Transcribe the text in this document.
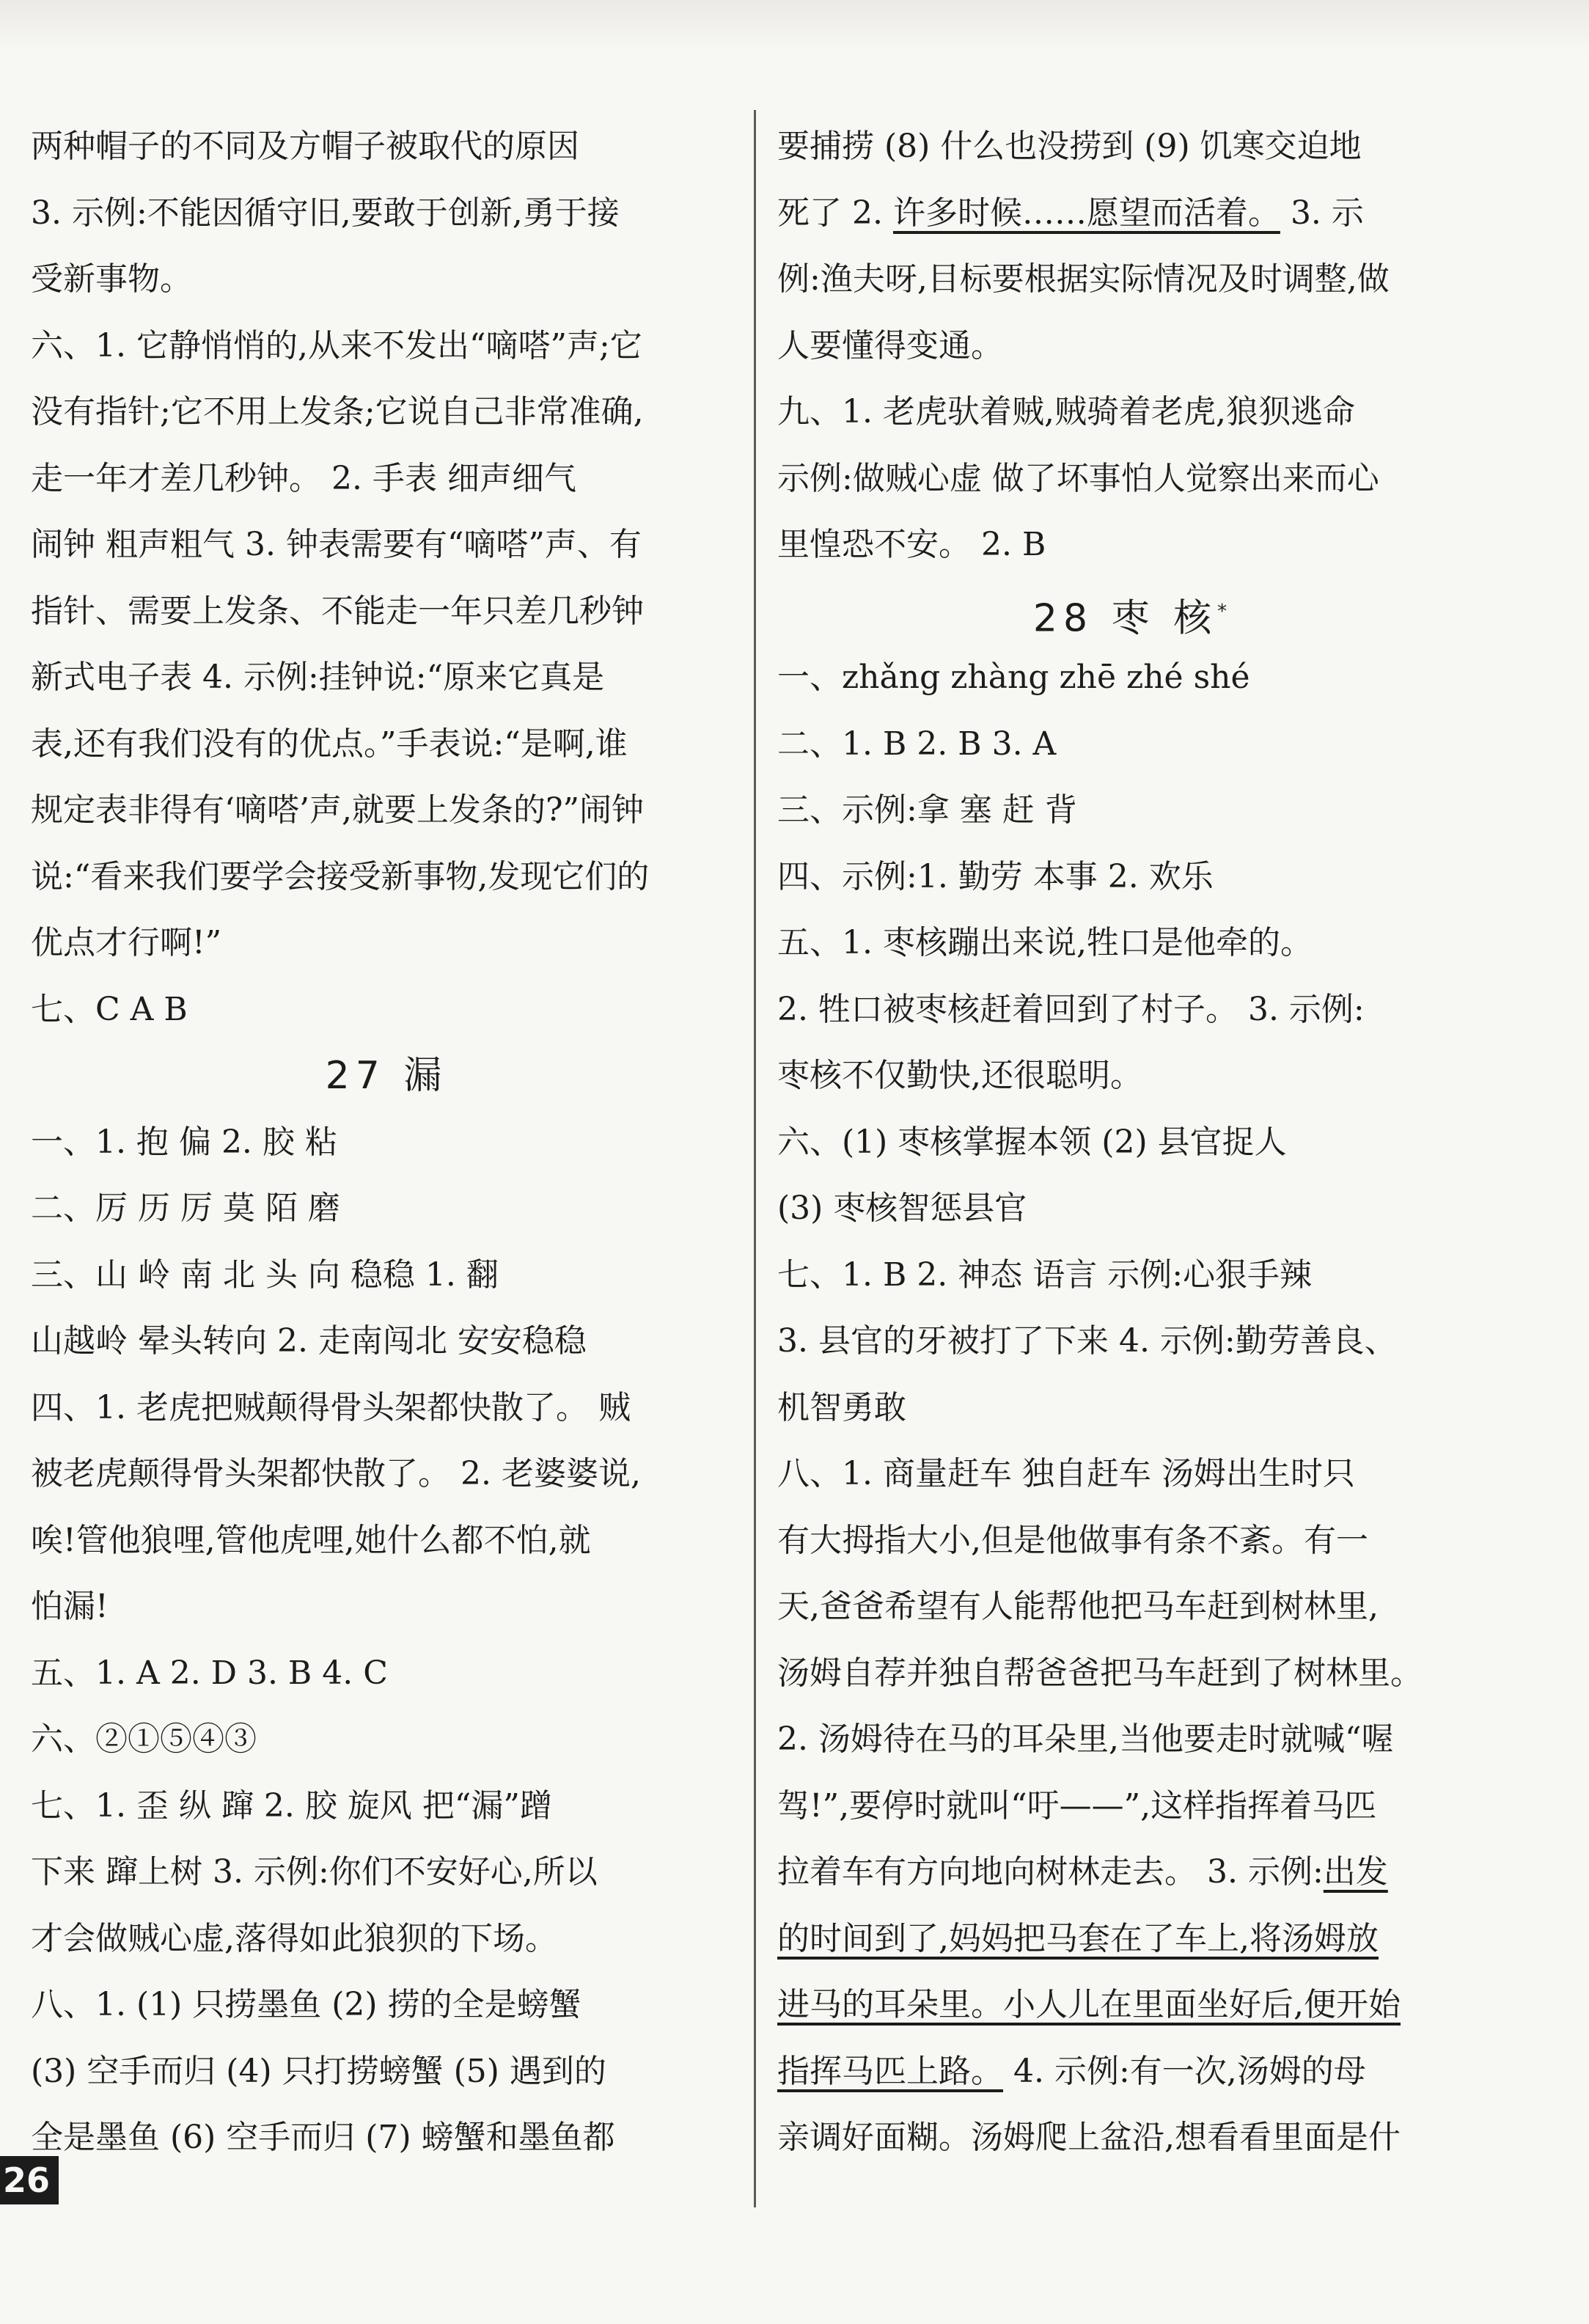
两种帽子的不同及方帽子被取代的原因
3. 示例:不能因循守旧,要敢于创新,勇于接
受新事物。
六、1. 它静悄悄的,从来不发出“嘀嗒”声;它
没有指针;它不用上发条;它说自己非常准确,
走一年才差几秒钟。 2. 手表 细声细气
闹钟 粗声粗气 3. 钟表需要有“嘀嗒”声、有
指针、需要上发条、不能走一年只差几秒钟
新式电子表 4. 示例:挂钟说:“原来它真是
表,还有我们没有的优点。”手表说:“是啊,谁
规定表非得有‘嘀嗒’声,就要上发条的?”闹钟
说:“看来我们要学会接受新事物,发现它们的
优点才行啊!”
七、C A B
27 漏
一、1. 抱 偏 2. 胶 粘
二、厉 历 厉 莫 陌 磨
三、山 岭 南 北 头 向 稳稳 1. 翻
山越岭 晕头转向 2. 走南闯北 安安稳稳
四、1. 老虎把贼颠得骨头架都快散了。 贼
被老虎颠得骨头架都快散了。 2. 老婆婆说,
唉!管他狼哩,管他虎哩,她什么都不怕,就
怕漏!
五、1. A 2. D 3. B 4. C
六、②①⑤④③
七、1. 歪 纵 蹿 2. 胶 旋风 把“漏”蹭
下来 蹿上树 3. 示例:你们不安好心,所以
才会做贼心虚,落得如此狼狈的下场。
八、1. (1) 只捞墨鱼 (2) 捞的全是螃蟹
(3) 空手而归 (4) 只打捞螃蟹 (5) 遇到的
全是墨鱼 (6) 空手而归 (7) 螃蟹和墨鱼都
要捕捞 (8) 什么也没捞到 (9) 饥寒交迫地
死了 2. 许多时候……愿望而活着。 3. 示
例:渔夫呀,目标要根据实际情况及时调整,做
人要懂得变通。
九、1. 老虎驮着贼,贼骑着老虎,狼狈逃命
示例:做贼心虚 做了坏事怕人觉察出来而心
里惶恐不安。 2. B
28 枣 核*
一、zhǎng zhàng zhē zhé shé
二、1. B 2. B 3. A
三、示例:拿 塞 赶 背
四、示例:1. 勤劳 本事 2. 欢乐
五、1. 枣核蹦出来说,牲口是他牵的。
2. 牲口被枣核赶着回到了村子。 3. 示例:
枣核不仅勤快,还很聪明。
六、(1) 枣核掌握本领 (2) 县官捉人
(3) 枣核智惩县官
七、1. B 2. 神态 语言 示例:心狠手辣
3. 县官的牙被打了下来 4. 示例:勤劳善良、
机智勇敢
八、1. 商量赶车 独自赶车 汤姆出生时只
有大拇指大小,但是他做事有条不紊。有一
天,爸爸希望有人能帮他把马车赶到树林里,
汤姆自荐并独自帮爸爸把马车赶到了树林里。
2. 汤姆待在马的耳朵里,当他要走时就喊“喔
驾!”,要停时就叫“吁——”,这样指挥着马匹
拉着车有方向地向树林走去。 3. 示例:出发
的时间到了,妈妈把马套在了车上,将汤姆放
进马的耳朵里。小人儿在里面坐好后,便开始
指挥马匹上路。 4. 示例:有一次,汤姆的母
亲调好面糊。汤姆爬上盆沿,想看看里面是什
26
